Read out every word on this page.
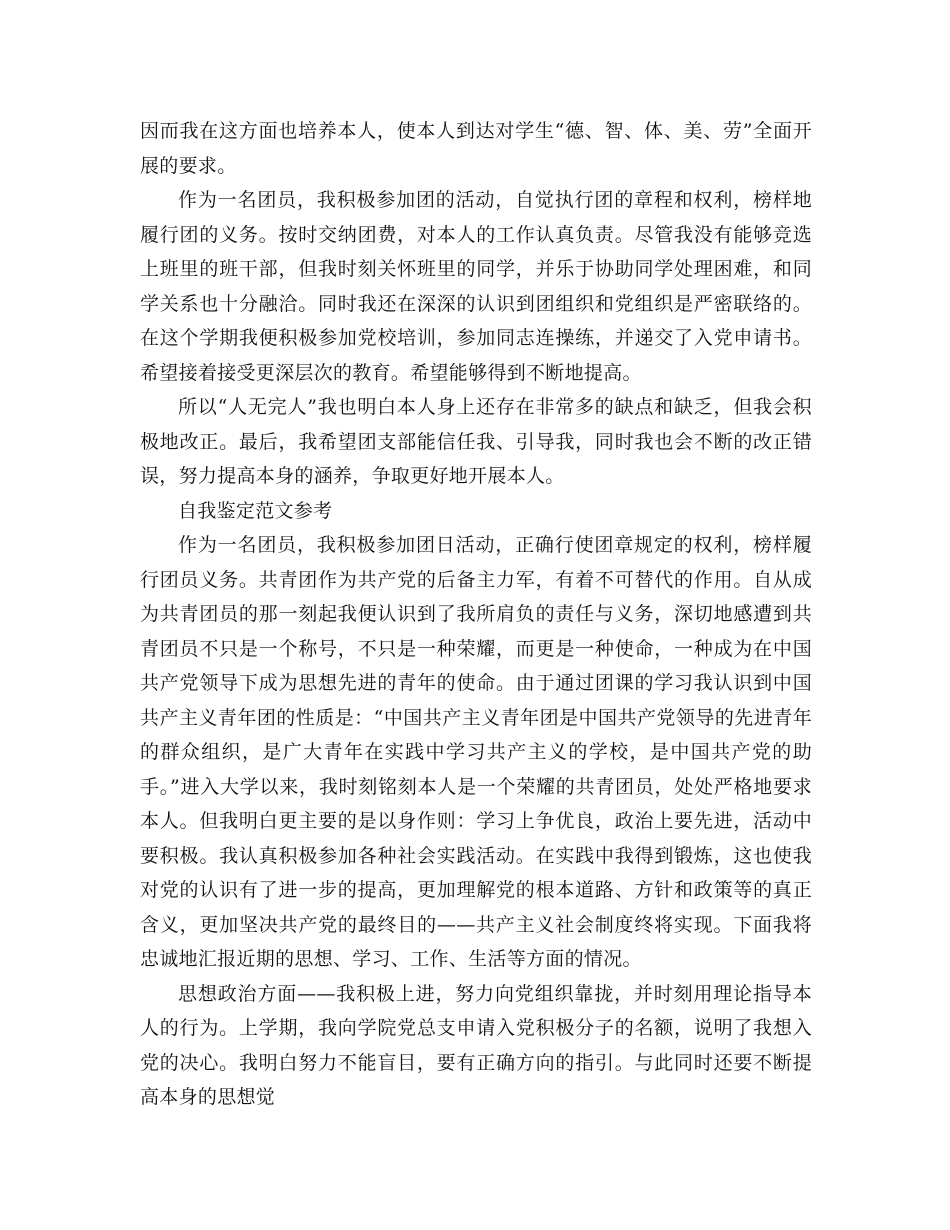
因而我在这方面也培养本人，使本人到达对学生“德、智、体、美、劳”全面开展的要求。

作为一名团员，我积极参加团的活动，自觉执行团的章程和权利，榜样地履行团的义务。按时交纳团费，对本人的工作认真负责。尽管我没有能够竞选上班里的班干部，但我时刻关怀班里的同学，并乐于协助同学处理困难，和同学关系也十分融洽。同时我还在深深的认识到团组织和党组织是严密联络的。在这个学期我便积极参加党校培训，参加同志连操练，并递交了入党申请书。希望接着接受更深层次的教育。希望能够得到不断地提高。

所以“人无完人”我也明白本人身上还存在非常多的缺点和缺乏，但我会积极地改正。最后，我希望团支部能信任我、引导我，同时我也会不断的改正错误，努力提高本身的涵养，争取更好地开展本人。

自我鉴定范文参考

作为一名团员，我积极参加团日活动，正确行使团章规定的权利，榜样履行团员义务。共青团作为共产党的后备主力军，有着不可替代的作用。自从成为共青团员的那一刻起我便认识到了我所肩负的责任与义务，深切地感遭到共青团员不只是一个称号，不只是一种荣耀，而更是一种使命，一种成为在中国共产党领导下成为思想先进的青年的使命。由于通过团课的学习我认识到中国共产主义青年团的性质是：“中国共产主义青年团是中国共产党领导的先进青年的群众组织，是广大青年在实践中学习共产主义的学校，是中国共产党的助手。”进入大学以来，我时刻铭刻本人是一个荣耀的共青团员，处处严格地要求本人。但我明白更主要的是以身作则：学习上争优良，政治上要先进，活动中要积极。我认真积极参加各种社会实践活动。在实践中我得到锻炼，这也使我对党的认识有了进一步的提高，更加理解党的根本道路、方针和政策等的真正含义，更加坚决共产党的最终目的——共产主义社会制度终将实现。下面我将忠诚地汇报近期的思想、学习、工作、生活等方面的情况。

思想政治方面——我积极上进，努力向党组织靠拢，并时刻用理论指导本人的行为。上学期，我向学院党总支申请入党积极分子的名额，说明了我想入党的决心。我明白努力不能盲目，要有正确方向的指引。与此同时还要不断提高本身的思想觉
